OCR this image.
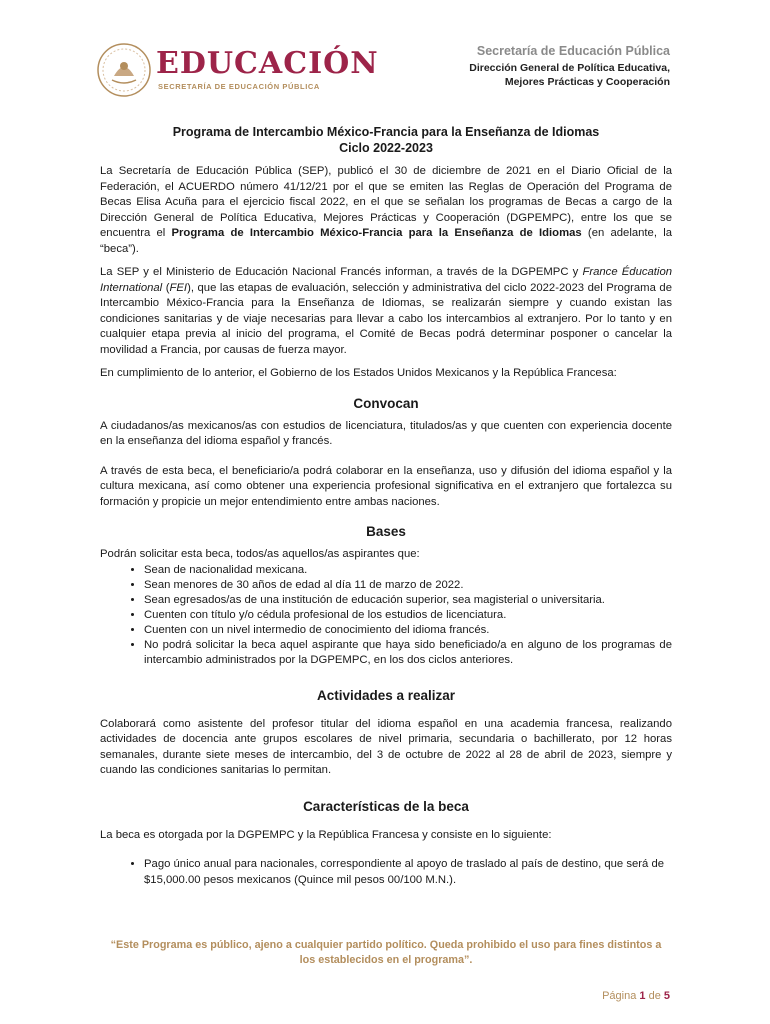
EDUCACIÓN
SECRETARÍA DE EDUCACIÓN PÚBLICA
Secretaría de Educación Pública
Dirección General de Política Educativa,
Mejores Prácticas y Cooperación
Programa de Intercambio México-Francia para la Enseñanza de Idiomas
Ciclo 2022-2023

La Secretaría de Educación Pública (SEP), publicó el 30 de diciembre de 2021 en el Diario Oficial de la Federación, el ACUERDO número 41/12/21 por el que se emiten las Reglas de Operación del Programa de Becas Elisa Acuña para el ejercicio fiscal 2022, en el que se señalan los programas de Becas a cargo de la Dirección General de Política Educativa, Mejores Prácticas y Cooperación (DGPEMPC), entre los que se encuentra el Programa de Intercambio México-Francia para la Enseñanza de Idiomas (en adelante, la “beca”).

La SEP y el Ministerio de Educación Nacional Francés informan, a través de la DGPEMPC y France Éducation International (FEI), que las etapas de evaluación, selección y administrativa del ciclo 2022-2023 del Programa de Intercambio México-Francia para la Enseñanza de Idiomas, se realizarán siempre y cuando existan las condiciones sanitarias y de viaje necesarias para llevar a cabo los intercambios al extranjero. Por lo tanto y en cualquier etapa previa al inicio del programa, el Comité de Becas podrá determinar posponer o cancelar la movilidad a Francia, por causas de fuerza mayor.

En cumplimiento de lo anterior, el Gobierno de los Estados Unidos Mexicanos y la República Francesa:

Convocan

A ciudadanos/as mexicanos/as con estudios de licenciatura, titulados/as y que cuenten con experiencia docente en la enseñanza del idioma español y francés.

A través de esta beca, el beneficiario/a podrá colaborar en la enseñanza, uso y difusión del idioma español y la cultura mexicana, así como obtener una experiencia profesional significativa en el extranjero que fortalezca su formación y propicie un mejor entendimiento entre ambas naciones.

Bases

Podrán solicitar esta beca, todos/as aquellos/as aspirantes que:

• Sean de nacionalidad mexicana.
• Sean menores de 30 años de edad al día 11 de marzo de 2022.
• Sean egresados/as de una institución de educación superior, sea magisterial o universitaria.
• Cuenten con título y/o cédula profesional de los estudios de licenciatura.
• Cuenten con un nivel intermedio de conocimiento del idioma francés.
• No podrá solicitar la beca aquel aspirante que haya sido beneficiado/a en alguno de los programas de intercambio administrados por la DGPEMPC, en los dos ciclos anteriores.
Actividades a realizar

Colaborará como asistente del profesor titular del idioma español en una academia francesa, realizando actividades de docencia ante grupos escolares de nivel primaria, secundaria o bachillerato, por 12 horas semanales, durante siete meses de intercambio, del 3 de octubre de 2022 al 28 de abril de 2023, siempre y cuando las condiciones sanitarias lo permitan.

Características de la beca

La beca es otorgada por la DGPEMPC y la República Francesa y consiste en lo siguiente:

• Pago único anual para nacionales, correspondiente al apoyo de traslado al país de destino, que será de $15,000.00 pesos mexicanos (Quince mil pesos 00/100 M.N.).
“Este Programa es público, ajeno a cualquier partido político. Queda prohibido el uso para fines distintos a
los establecidos en el programa”.
Página 1 de 5
